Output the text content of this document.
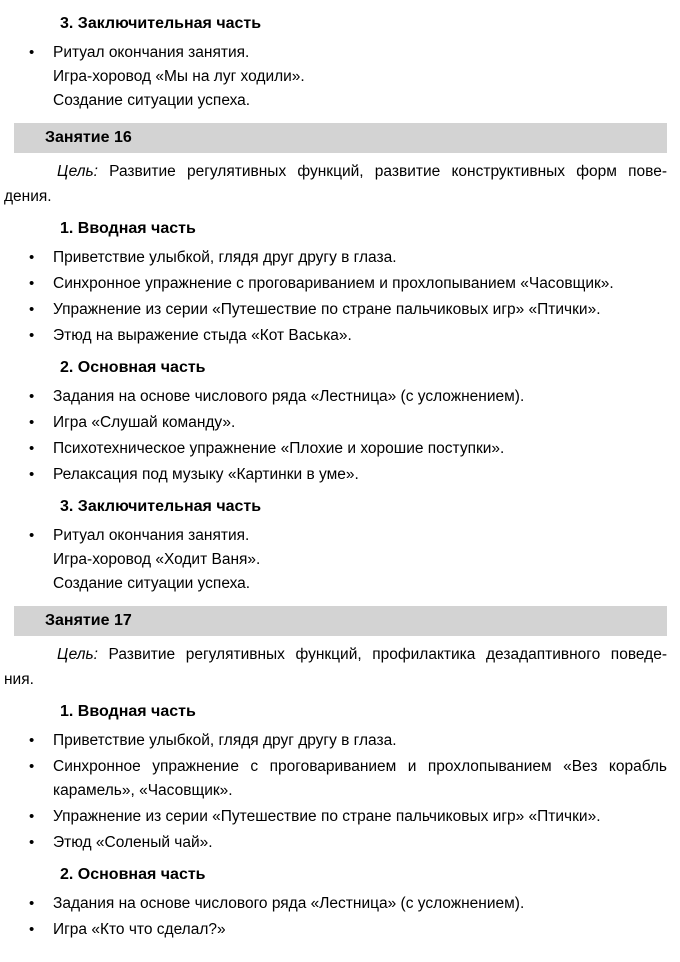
3. Заключительная часть
• Ритуал окончания занятия.
Игра-хоровод «Мы на луг ходили».
Создание ситуации успеха.
Занятие 16
Цель: Развитие регулятивных функций, развитие конструктивных форм пове-
дения.
1. Вводная часть
• Приветствие улыбкой, глядя друг другу в глаза.
• Синхронное упражнение с проговариванием и прохлопыванием «Часовщик».
• Упражнение из серии «Путешествие по стране пальчиковых игр» «Птички».
• Этюд на выражение стыда «Кот Васька».
2. Основная часть
• Задания на основе числового ряда «Лестница» (с усложнением).
• Игра «Слушай команду».
• Психотехническое упражнение «Плохие и хорошие поступки».
• Релаксация под музыку «Картинки в уме».
3. Заключительная часть
• Ритуал окончания занятия.
Игра-хоровод «Ходит Ваня».
Создание ситуации успеха.
Занятие 17
Цель: Развитие регулятивных функций, профилактика дезадаптивного поведе-
ния.
1. Вводная часть
• Приветствие улыбкой, глядя друг другу в глаза.
• Синхронное упражнение с проговариванием и прохлопыванием «Вез корабль
карамель», «Часовщик».
• Упражнение из серии «Путешествие по стране пальчиковых игр» «Птички».
• Этюд «Соленый чай».
2. Основная часть
• Задания на основе числового ряда «Лестница» (с усложнением).
• Игра «Кто что сделал?»
